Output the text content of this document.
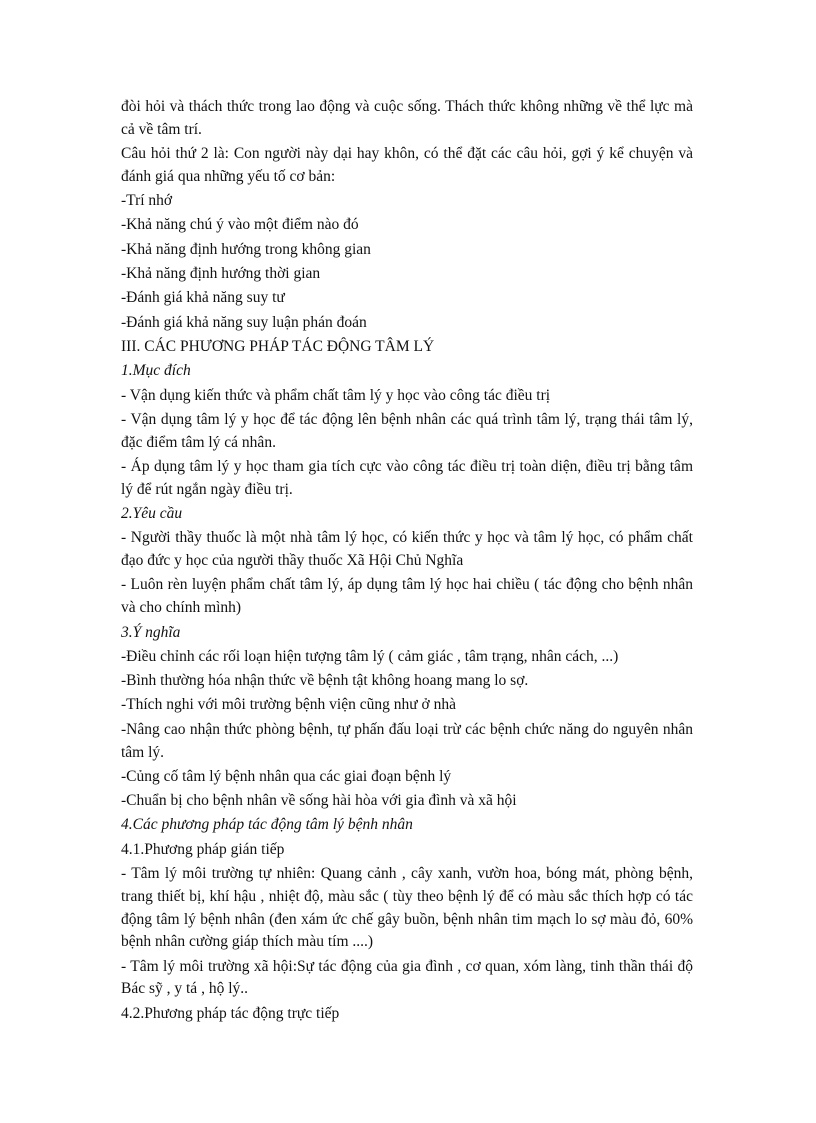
đòi hỏi và thách thức trong lao động và cuộc sống. Thách thức không những về thể lực mà cả về tâm trí.

Câu hỏi thứ 2 là: Con người này dại hay khôn, có thể đặt các câu hỏi, gợi ý kể chuyện và đánh giá qua những yếu tố cơ bản:

-Trí nhớ

-Khả năng chú ý vào một điểm nào đó

-Khả năng định hướng trong không gian

-Khả năng định hướng thời gian

-Đánh giá khả năng suy tư

-Đánh giá khả năng suy luận phán đoán

III. CÁC PHƯƠNG PHÁP TÁC ĐỘNG TÂM LÝ

1.Mục đích

- Vận dụng kiến thức và phẩm chất tâm lý y học vào công tác điều trị

- Vận dụng tâm lý y học để tác động lên bệnh nhân các quá trình tâm lý, trạng thái tâm lý, đặc điểm tâm lý cá nhân.

- Áp dụng tâm lý y học tham gia tích cực vào công tác điều trị toàn diện, điều trị bằng tâm lý để rút ngắn ngày điều trị.

2.Yêu cầu

- Người thầy thuốc là một nhà tâm lý học, có kiến thức y học và tâm lý học, có phẩm chất đạo đức y học của người thầy thuốc Xã Hội Chủ Nghĩa

- Luôn rèn luyện phẩm chất tâm lý, áp dụng tâm lý học hai chiều ( tác động cho bệnh nhân và cho chính mình)

3.Ý nghĩa

-Điều chỉnh các rối loạn hiện tượng tâm lý ( cảm giác , tâm trạng, nhân cách, ...)

-Bình thường hóa nhận thức về bệnh tật không hoang mang lo sợ.

-Thích nghi với môi trường bệnh viện cũng như ở nhà

-Nâng cao nhận thức phòng bệnh, tự phấn đấu loại trừ các bệnh chức năng do nguyên nhân tâm lý.

-Củng cố tâm lý bệnh nhân qua các giai đoạn bệnh lý

-Chuẩn bị cho bệnh nhân về sống hài hòa với gia đình và xã hội

4.Các phương pháp tác động tâm lý bệnh nhân

4.1.Phương pháp gián tiếp

- Tâm lý môi trường tự nhiên: Quang cảnh , cây xanh, vườn hoa, bóng mát, phòng bệnh, trang thiết bị, khí hậu , nhiệt độ, màu sắc ( tùy theo bệnh lý để có màu sắc thích hợp có tác động tâm lý bệnh nhân (đen xám ức chế gây buồn, bệnh nhân tim mạch lo sợ màu đỏ, 60% bệnh nhân cường giáp thích màu tím ....)

- Tâm lý môi trường xã hội:Sự tác động của gia đình , cơ quan, xóm làng, tinh thần thái độ Bác sỹ , y tá , hộ lý..

4.2.Phương pháp tác động trực tiếp
